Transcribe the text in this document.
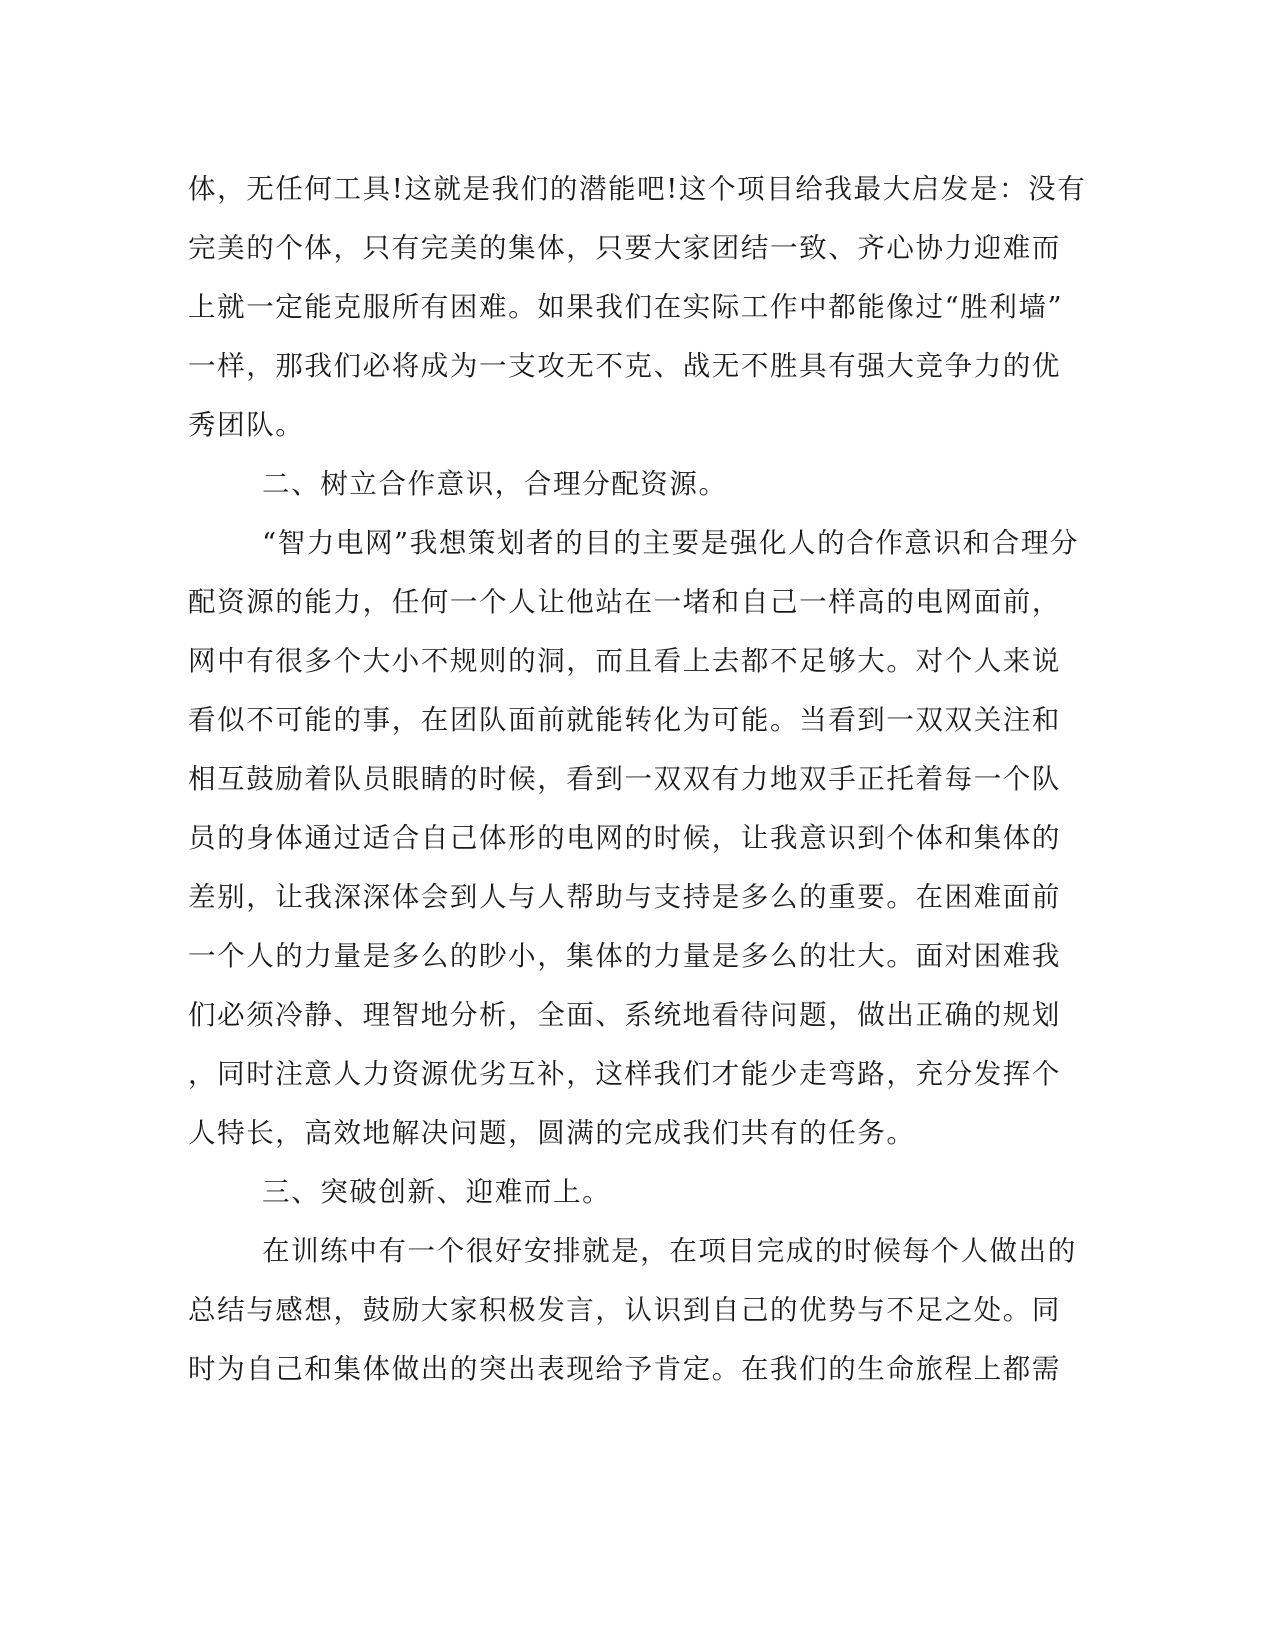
体，无任何工具!这就是我们的潜能吧!这个项目给我最大启发是：没有
完美的个体，只有完美的集体，只要大家团结一致、齐心协力迎难而
上就一定能克服所有困难。如果我们在实际工作中都能像过“胜利墙”
一样，那我们必将成为一支攻无不克、战无不胜具有强大竞争力的优
秀团队。
二、树立合作意识，合理分配资源。
“智力电网”我想策划者的目的主要是强化人的合作意识和合理分
配资源的能力，任何一个人让他站在一堵和自己一样高的电网面前，
网中有很多个大小不规则的洞，而且看上去都不足够大。对个人来说
看似不可能的事，在团队面前就能转化为可能。当看到一双双关注和
相互鼓励着队员眼睛的时候，看到一双双有力地双手正托着每一个队
员的身体通过适合自己体形的电网的时候，让我意识到个体和集体的
差别，让我深深体会到人与人帮助与支持是多么的重要。在困难面前
一个人的力量是多么的眇小，集体的力量是多么的壮大。面对困难我
们必须冷静、理智地分析，全面、系统地看待问题，做出正确的规划
，同时注意人力资源优劣互补，这样我们才能少走弯路，充分发挥个
人特长，高效地解决问题，圆满的完成我们共有的任务。
三、突破创新、迎难而上。
在训练中有一个很好安排就是，在项目完成的时候每个人做出的
总结与感想，鼓励大家积极发言，认识到自己的优势与不足之处。同
时为自己和集体做出的突出表现给予肯定。在我们的生命旅程上都需
